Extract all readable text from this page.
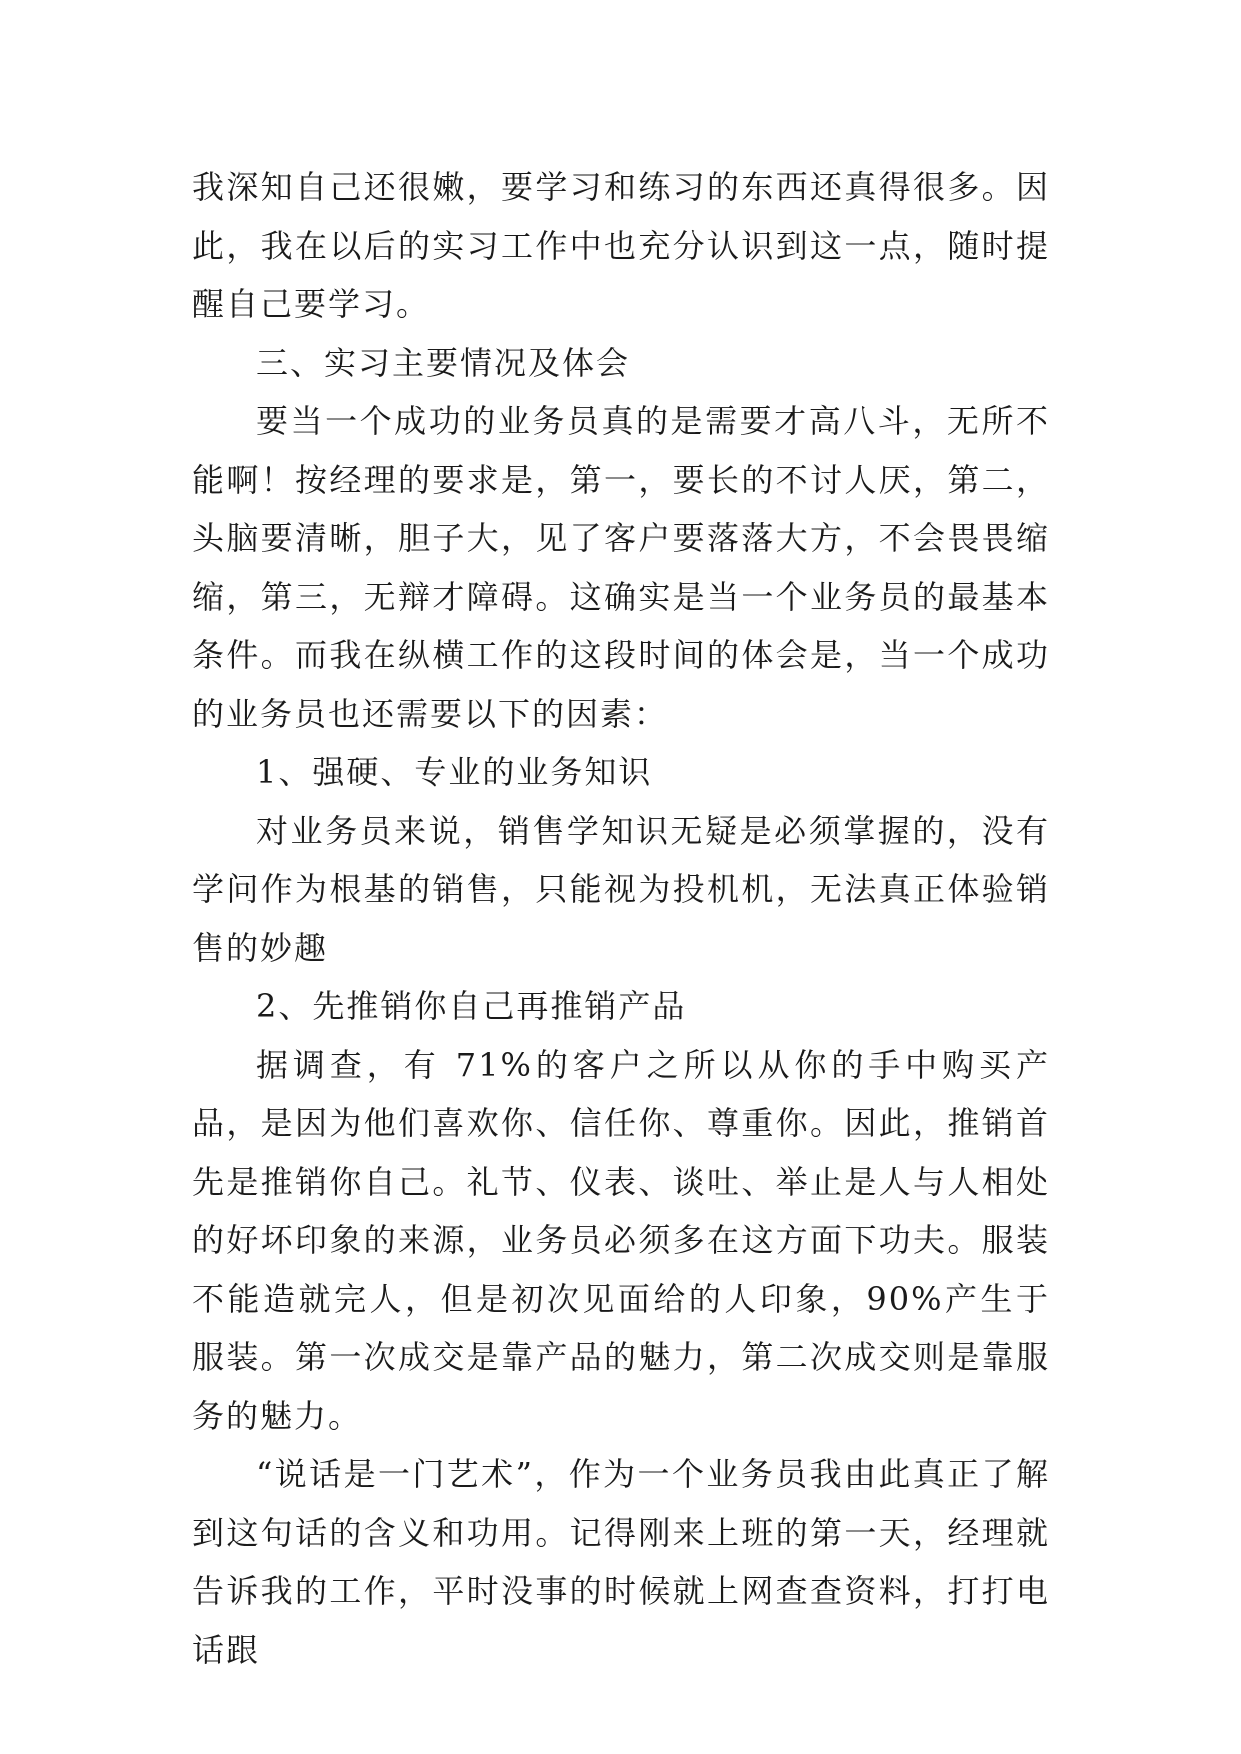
我深知自己还很嫩，要学习和练习的东西还真得很多。因此，我在以后的实习工作中也充分认识到这一点，随时提醒自己要学习。

三、实习主要情况及体会

要当一个成功的业务员真的是需要才高八斗，无所不能啊！按经理的要求是，第一，要长的不讨人厌，第二，头脑要清晰，胆子大，见了客户要落落大方，不会畏畏缩缩，第三，无辩才障碍。这确实是当一个业务员的最基本条件。而我在纵横工作的这段时间的体会是，当一个成功的业务员也还需要以下的因素：

1、强硬、专业的业务知识

对业务员来说，销售学知识无疑是必须掌握的，没有学问作为根基的销售，只能视为投机机，无法真正体验销售的妙趣

2、先推销你自己再推销产品

据调查，有 71%的客户之所以从你的手中购买产品，是因为他们喜欢你、信任你、尊重你。因此，推销首先是推销你自己。礼节、仪表、谈吐、举止是人与人相处的好坏印象的来源，业务员必须多在这方面下功夫。服装不能造就完人，但是初次见面给的人印象，90%产生于服装。第一次成交是靠产品的魅力，第二次成交则是靠服务的魅力。

“说话是一门艺术”，作为一个业务员我由此真正了解到这句话的含义和功用。记得刚来上班的第一天，经理就告诉我的工作，平时没事的时候就上网查查资料，打打电话跟
